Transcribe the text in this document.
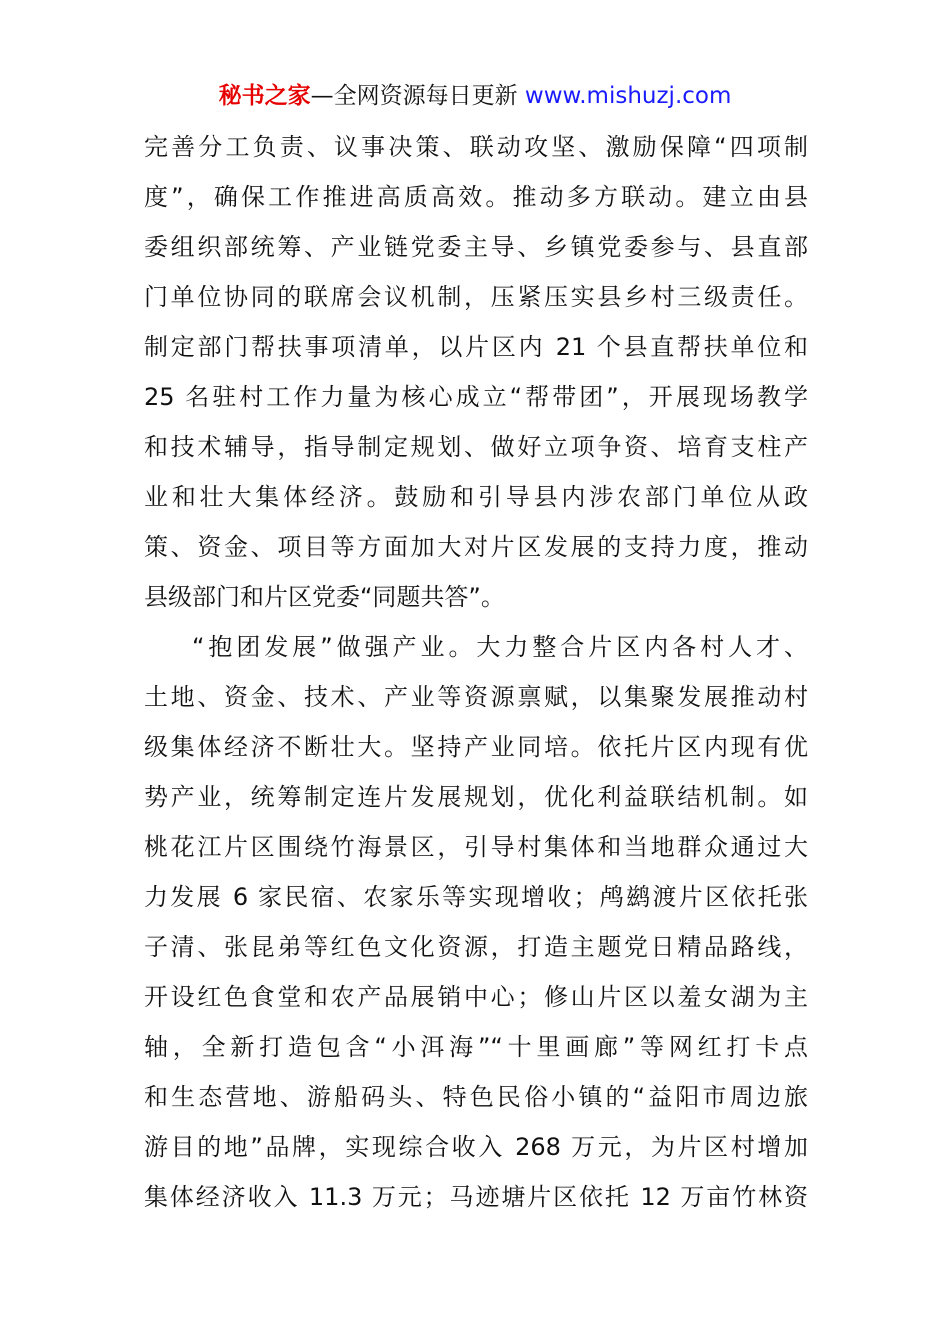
秘书之家—全网资源每日更新 www.mishuzj.com
完善分工负责、议事决策、联动攻坚、激励保障“四项制
度”，确保工作推进高质高效。推动多方联动。建立由县
委组织部统筹、产业链党委主导、乡镇党委参与、县直部
门单位协同的联席会议机制，压紧压实县乡村三级责任。
制定部门帮扶事项清单，以片区内 21 个县直帮扶单位和
25 名驻村工作力量为核心成立“帮带团”，开展现场教学
和技术辅导，指导制定规划、做好立项争资、培育支柱产
业和壮大集体经济。鼓励和引导县内涉农部门单位从政
策、资金、项目等方面加大对片区发展的支持力度，推动
县级部门和片区党委“同题共答”。
“抱团发展”做强产业。大力整合片区内各村人才、
土地、资金、技术、产业等资源禀赋，以集聚发展推动村
级集体经济不断壮大。坚持产业同培。依托片区内现有优
势产业，统筹制定连片发展规划，优化利益联结机制。如
桃花江片区围绕竹海景区，引导村集体和当地群众通过大
力发展 6 家民宿、农家乐等实现增收；鸬鹚渡片区依托张
子清、张昆弟等红色文化资源，打造主题党日精品路线，
开设红色食堂和农产品展销中心；修山片区以羞女湖为主
轴，全新打造包含“小洱海”“十里画廊”等网红打卡点
和生态营地、游船码头、特色民俗小镇的“益阳市周边旅
游目的地”品牌，实现综合收入 268 万元，为片区村增加
集体经济收入 11.3 万元；马迹塘片区依托 12 万亩竹林资
